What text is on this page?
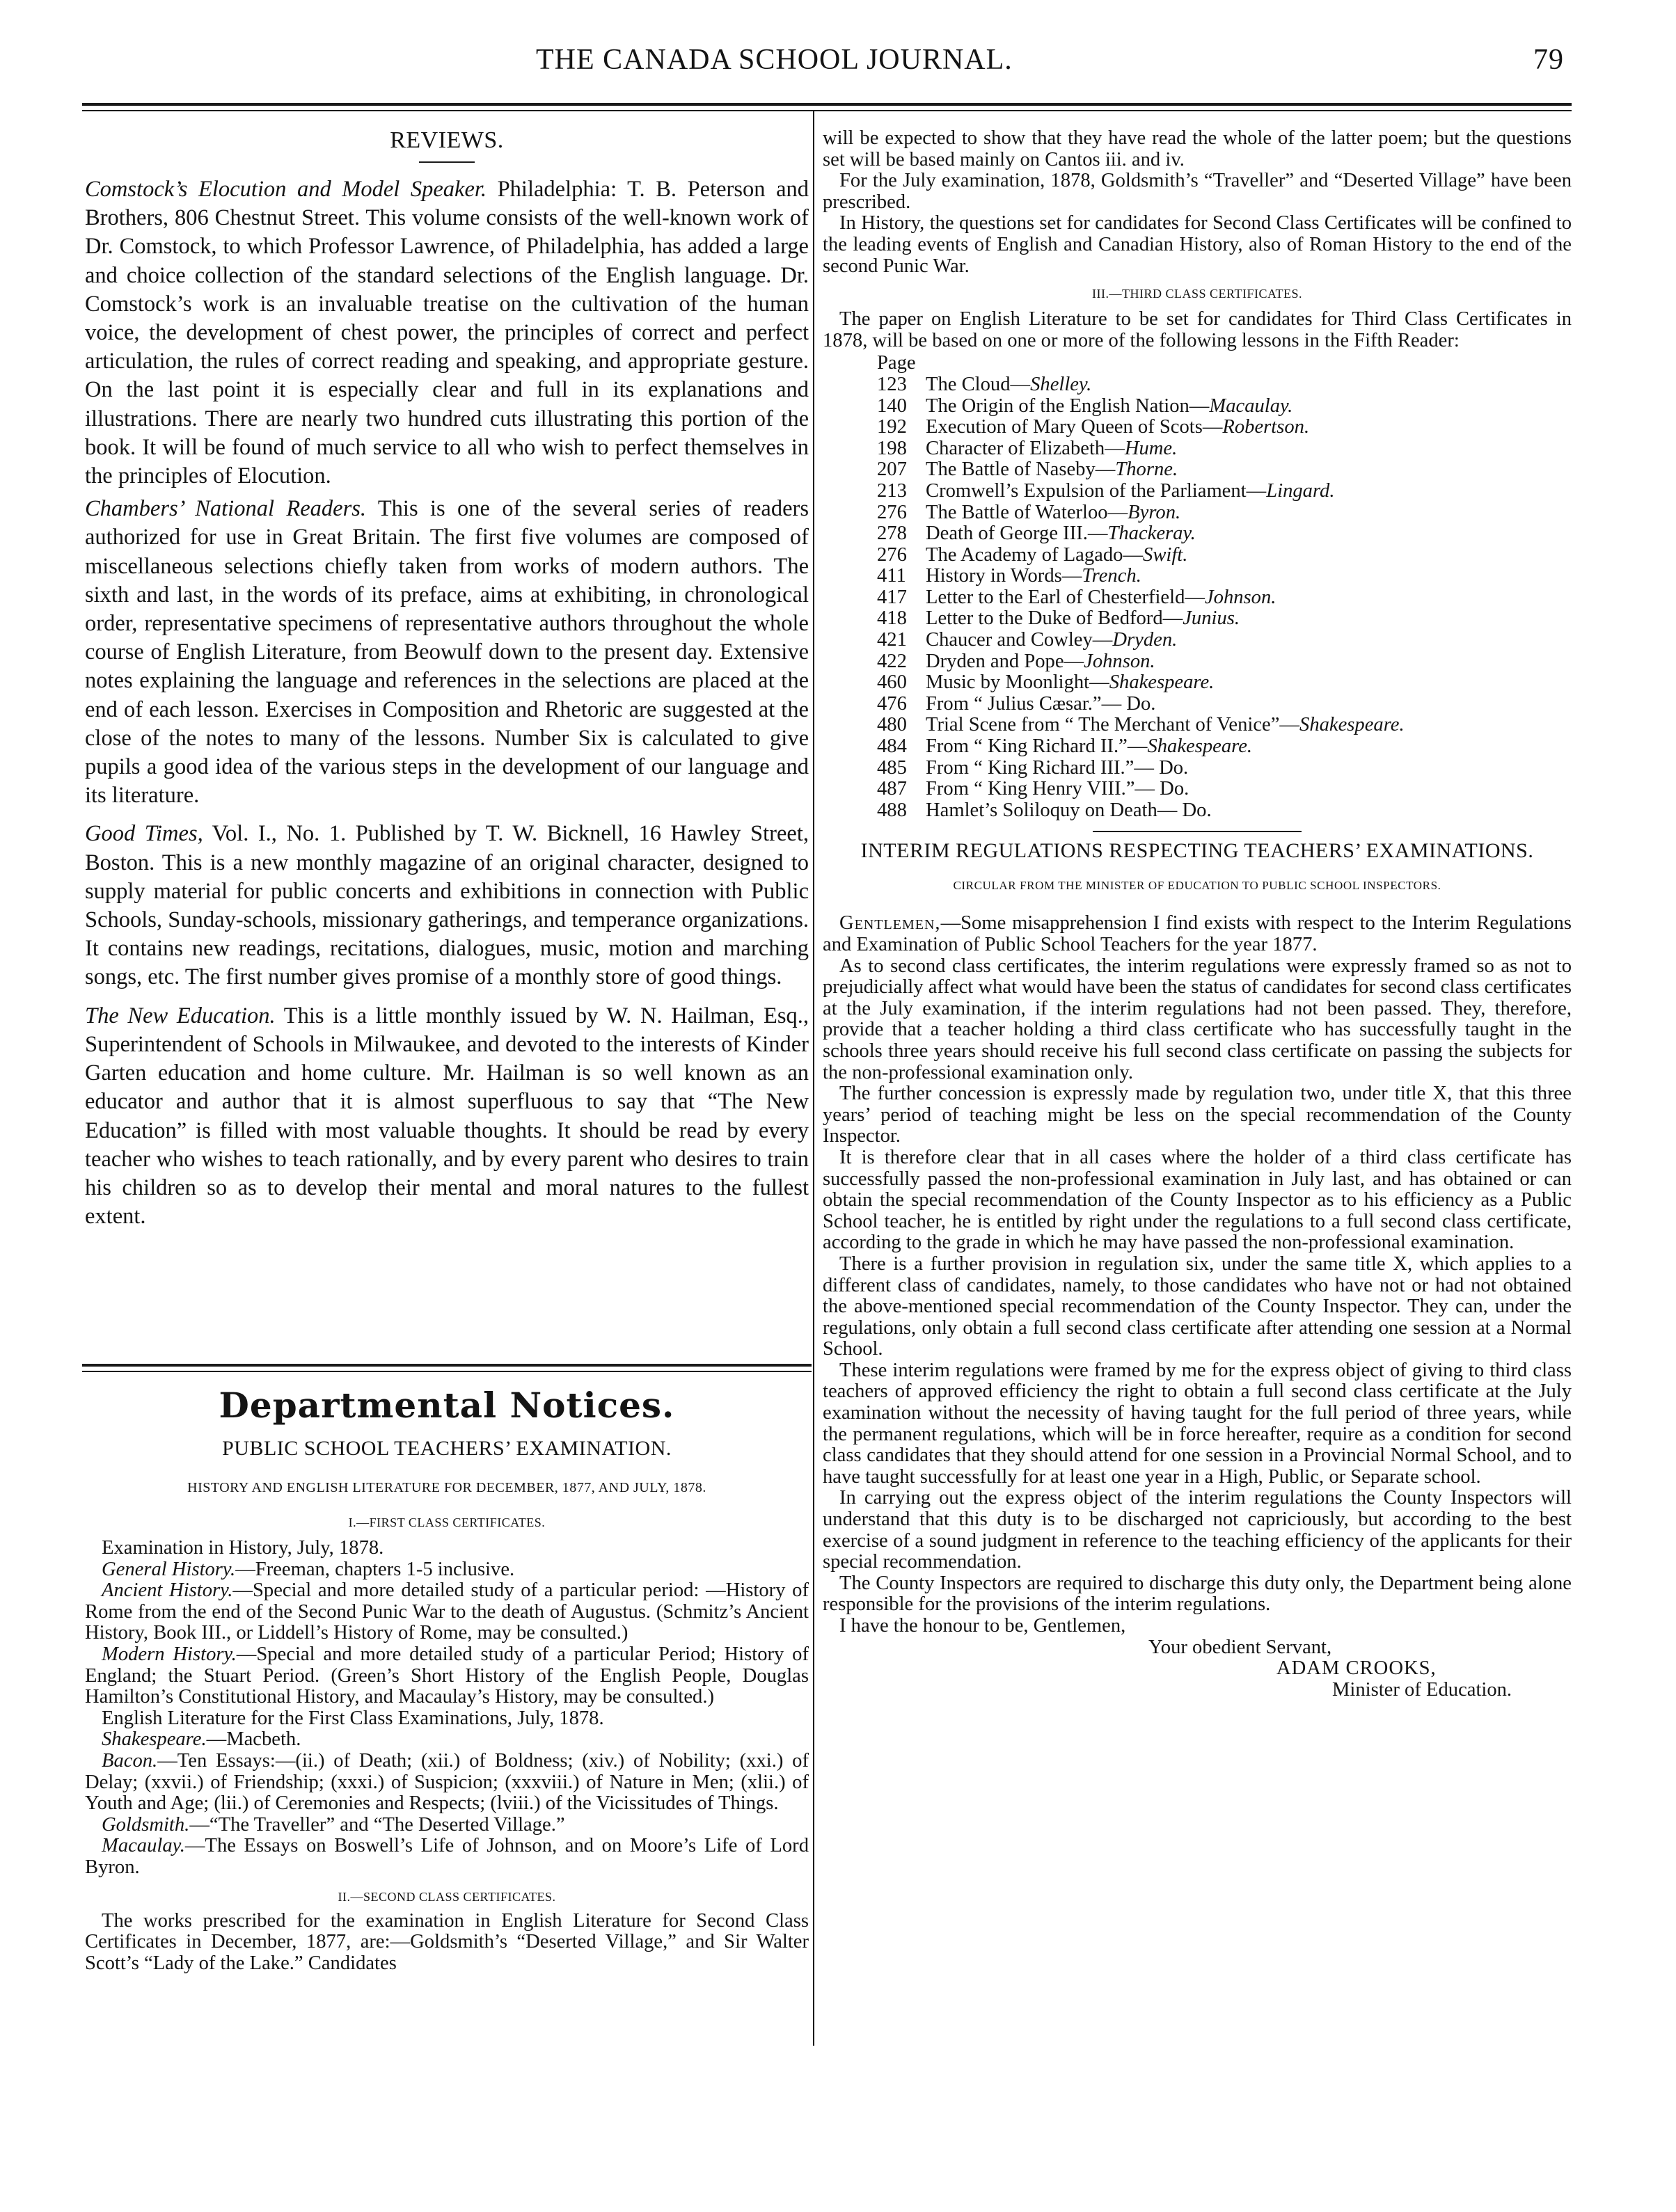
THE CANADA SCHOOL JOURNAL.	79
REVIEWS.

Comstock’s Elocution and Model Speaker. Philadelphia: T. B. Peterson and Brothers, 806 Chestnut Street. This volume consists of the well-known work of Dr. Comstock, to which Professor Lawrence, of Philadelphia, has added a large and choice collection of the standard selections of the English language. Dr. Comstock’s work is an invaluable treatise on the cultivation of the human voice, the development of chest power, the principles of correct and perfect articulation, the rules of correct reading and speaking, and appropriate gesture. On the last point it is especially clear and full in its explanations and illustrations. There are nearly two hundred cuts illustrating this portion of the book. It will be found of much service to all who wish to perfect themselves in the principles of Elocution.

Chambers’ National Readers. This is one of the several series of readers authorized for use in Great Britain. The first five volumes are composed of miscellaneous selections chiefly taken from works of modern authors. The sixth and last, in the words of its preface, aims at exhibiting, in chronological order, representative specimens of representative authors throughout the whole course of English Literature, from Beowulf down to the present day. Extensive notes explaining the language and references in the selections are placed at the end of each lesson. Exercises in Composition and Rhetoric are suggested at the close of the notes to many of the lessons. Number Six is calculated to give pupils a good idea of the various steps in the development of our language and its literature.

Good Times, Vol. I., No. 1. Published by T. W. Bicknell, 16 Hawley Street, Boston. This is a new monthly magazine of an original character, designed to supply material for public concerts and exhibitions in connection with Public Schools, Sunday-schools, missionary gatherings, and temperance organizations. It contains new readings, recitations, dialogues, music, motion and marching songs, etc. The first number gives promise of a monthly store of good things.

The New Education. This is a little monthly issued by W. N. Hailman, Esq., Superintendent of Schools in Milwaukee, and devoted to the interests of Kinder Garten education and home culture. Mr. Hailman is so well known as an educator and author that it is almost superfluous to say that “The New Education” is filled with most valuable thoughts. It should be read by every teacher who wishes to teach rationally, and by every parent who desires to train his children so as to develop their mental and moral natures to the fullest extent.

Departmental Notices.
PUBLIC SCHOOL TEACHERS’ EXAMINATION.
HISTORY AND ENGLISH LITERATURE FOR DECEMBER, 1877, AND JULY, 1878.
I.—FIRST CLASS CERTIFICATES.

Examination in History, July, 1878.

General History.—Freeman, chapters 1-5 inclusive.

Ancient History.—Special and more detailed study of a particular period: —History of Rome from the end of the Second Punic War to the death of Augustus. (Schmitz’s Ancient History, Book III., or Liddell’s History of Rome, may be consulted.)

Modern History.—Special and more detailed study of a particular Period; History of England; the Stuart Period. (Green’s Short History of the English People, Douglas Hamilton’s Constitutional History, and Macaulay’s History, may be consulted.)

English Literature for the First Class Examinations, July, 1878.

Shakespeare.—Macbeth.

Bacon.—Ten Essays:—(ii.) of Death; (xii.) of Boldness; (xiv.) of Nobility; (xxi.) of Delay; (xxvii.) of Friendship; (xxxi.) of Suspicion; (xxxviii.) of Nature in Men; (xlii.) of Youth and Age; (lii.) of Ceremonies and Respects; (lviii.) of the Vicissitudes of Things.

Goldsmith.—“The Traveller” and “The Deserted Village.”

Macaulay.—The Essays on Boswell’s Life of Johnson, and on Moore’s Life of Lord Byron.

II.—SECOND CLASS CERTIFICATES.
The works prescribed for the examination in English Literature for Second Class Certificates in December, 1877, are:—Goldsmith’s “Deserted Village,” and Sir Walter Scott’s “Lady of the Lake.” Candidates
will be expected to show that they have read the whole of the latter poem; but the questions set will be based mainly on Cantos iii. and iv.
For the July examination, 1878, Goldsmith’s “Traveller” and “Deserted Village” have been prescribed.
In History, the questions set for candidates for Second Class Certificates will be confined to the leading events of English and Canadian History, also of Roman History to the end of the second Punic War.
III.—THIRD CLASS CERTIFICATES.
The paper on English Literature to be set for candidates for Third Class Certificates in 1878, will be based on one or more of the following lessons in the Fifth Reader:
Page
123 The Cloud—Shelley.
140 The Origin of the English Nation—Macaulay.
192 Execution of Mary Queen of Scots—Robertson.
198 Character of Elizabeth—Hume.
207 The Battle of Naseby—Thorne.
213 Cromwell’s Expulsion of the Parliament—Lingard.
276 The Battle of Waterloo—Byron.
278 Death of George III.—Thackeray.
276 The Academy of Lagado—Swift.
411 History in Words—Trench.
417 Letter to the Earl of Chesterfield—Johnson.
418 Letter to the Duke of Bedford—Junius.
421 Chaucer and Cowley—Dryden.
422 Dryden and Pope—Johnson.
460 Music by Moonlight—Shakespeare.
476 From “ Julius Cæsar.”— Do.
480 Trial Scene from “ The Merchant of Venice”—Shakespeare.
484 From “ King Richard II.”—Shakespeare.
485 From “ King Richard III.”— Do.
487 From “ King Henry VIII.”— Do.
488 Hamlet’s Soliloquy on Death— Do.
INTERIM REGULATIONS RESPECTING TEACHERS’ EXAMINATIONS.
CIRCULAR FROM THE MINISTER OF EDUCATION TO PUBLIC SCHOOL INSPECTORS.

Gentlemen,—Some misapprehension I find exists with respect to the Interim Regulations and Examination of Public School Teachers for the year 1877.

As to second class certificates, the interim regulations were expressly framed so as not to prejudicially affect what would have been the status of candidates for second class certificates at the July examination, if the interim regulations had not been passed. They, therefore, provide that a teacher holding a third class certificate who has successfully taught in the schools three years should receive his full second class certificate on passing the subjects for the non-professional examination only.

The further concession is expressly made by regulation two, under title X, that this three years’ period of teaching might be less on the special recommendation of the County Inspector.

It is therefore clear that in all cases where the holder of a third class certificate has successfully passed the non-professional examination in July last, and has obtained or can obtain the special recommendation of the County Inspector as to his efficiency as a Public School teacher, he is entitled by right under the regulations to a full second class certificate, according to the grade in which he may have passed the non-professional examination.

There is a further provision in regulation six, under the same title X, which applies to a different class of candidates, namely, to those candidates who have not or had not obtained the above-mentioned special recommendation of the County Inspector. They can, under the regulations, only obtain a full second class certificate after attending one session at a Normal School.

These interim regulations were framed by me for the express object of giving to third class teachers of approved efficiency the right to obtain a full second class certificate at the July examination without the necessity of having taught for the full period of three years, while the permanent regulations, which will be in force hereafter, require as a condition for second class candidates that they should attend for one session in a Provincial Normal School, and to have taught successfully for at least one year in a High, Public, or Separate school.

In carrying out the express object of the interim regulations the County Inspectors will understand that this duty is to be discharged not capriciously, but according to the best exercise of a sound judgment in reference to the teaching efficiency of the applicants for their special recommendation.

The County Inspectors are required to discharge this duty only, the Department being alone responsible for the provisions of the interim regulations.

I have the honour to be, Gentlemen,
Your obedient Servant,
ADAM CROOKS,
Minister of Education.
